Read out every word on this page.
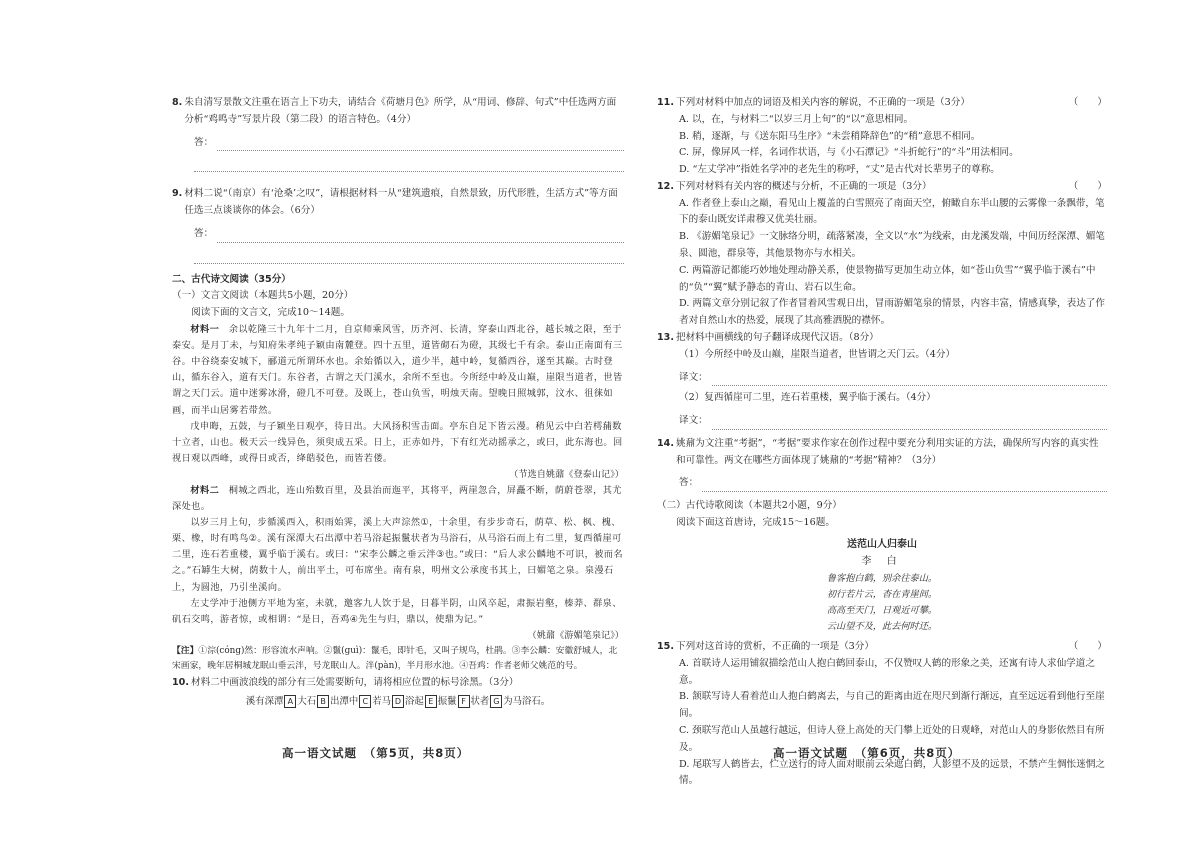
8. 朱自清写景散文注重在语言上下功夫，请结合《荷塘月色》所学，从“用词、修辞、句式”中任选两方面分析“鸡鸣寺”写景片段（第二段）的语言特色。（4分）
答：
9. 材料二说“（南京）有‘沧桑’之叹”，请根据材料一从“建筑遗痕，自然景致，历代形胜，生活方式”等方面任选三点谈谈你的体会。（6分）
答：
二、古代诗文阅读（35分）

（一）文言文阅读（本题共5小题，20分）

阅读下面的文言文，完成10～14题。

材料一　 余以乾隆三十九年十二月，自京师乘风雪，历齐河、长清，穿泰山西北谷，越长城之限，至于泰安。是月丁未，与知府朱孝纯子颖由南麓登。四十五里，道皆砌石为磴，其级七千有余。泰山正南面有三谷。中谷绕泰安城下，郦道元所谓环水也。余始循以入，道少半，越中岭，复循西谷，遂至其巅。古时登山，循东谷入，道有天门。东谷者，古谓之天门溪水，余所不至也。今所经中岭及山巅，崖限当道者，世皆谓之天门云。道中迷雾冰滑，磴几不可登。及既上，苍山负雪，明烛天南。望晚日照城郭，汶水、徂徕如画，而半山居雾若带然。

戊申晦，五鼓，与子颖坐日观亭，待日出。大风扬积雪击面。亭东自足下皆云漫。稍见云中白若樗蒱数十立者，山也。极天云一线异色，须臾成五采。日上，正赤如丹，下有红光动摇承之，或曰，此东海也。回视日观以西峰，或得日或否，绛皓驳色，而皆若偻。

（节选自姚鼐《登泰山记》）

材料二　 桐城之西北，连山殆数百里，及县治而迤平，其将平，两崖忽合，屏矗不断，荫蔚苍翠，其尤深处也。

以岁三月上旬，步循溪西入，积雨始霁，溪上大声淙然①，十余里，有步步奇石，荫草、松、枫、槐、栗、橡，时有鸣鸟②。溪有深潭大石出潭中若马浴起振鬣状者为马浴石，从马浴石而上有二里，复西循崖可二里，连石若重楼，翼乎临于溪右。或曰：“宋李公麟之垂云泮③也。”或曰：“后人求公麟地不可识，被而名之。”石罅生大树，荫数十人，前出平土，可布席坐。南有泉，明州文公承度书其上，曰媚笔之泉。泉漫石上，为圆池，乃引坐溪向。

左丈学冲于池侧方平地为室，未就，邀客九人饮于是，日暮半阴，山风卒起，肃振岩壑，榛莽、群泉、矶石交鸣，游者惊，或相谓：“是日，吾鸡④先生与归，鼎以，使鼎为记。”

（姚鼐《游媚笔泉记》）

【注】①淙(cóng)然：形容流水声响。②鬣(guì)：鬣毛，即针毛，又叫子规鸟，杜鹃。③李公麟：安徽舒城人，北宋画家，晚年居桐城龙眠山垂云泮，号龙眠山人。泮(pàn)，半月形水池。④吾鸡：作者老师父姚范的号。

10. 材料二中画波浪线的部分有三处需要断句，请将相应位置的标号涂黑。（3分）
溪有深潭 A 大石 B 出潭中 C 若马 D 浴起 E 振鬣 F 状者 G 为马浴石。
高一语文试题　（第5页，共8页）
11. 下列对材料中加点的词语及相关内容的解说，不正确的一项是（3分）	（　　）

A. 以，在，与材料二“以岁三月上旬”的“以”意思相同。

B. 稍，逐渐，与《送东阳马生序》“未尝稍降辞色”的“稍”意思不相同。

C. 屏，像屏风一样，名词作状语，与《小石潭记》“斗折蛇行”的“斗”用法相同。

D. “左丈学冲”指姓名学冲的老先生的称呼，“丈”是古代对长辈男子的尊称。

12. 下列对材料有关内容的概述与分析，不正确的一项是（3分）	（　　）

A. 作者登上泰山之巅，看见山上覆盖的白雪照亮了南面天空，俯瞰自东半山腰的云雾像一条飘带，笔下的泰山既安详肃穆又优美壮丽。

B. 《游媚笔泉记》一文脉络分明，疏落紧凑，全文以“水”为线索，由龙溪发端，中间历经深潭、媚笔泉、圆池，群泉等，其他景物亦与水相关。

C. 两篇游记都能巧妙地处理动静关系，使景物描写更加生动立体，如“苍山负雪”“翼乎临于溪右”中的“负”“翼”赋予静态的青山、岩石以生命。

D. 两篇文章分别记叙了作者冒着风雪观日出，冒雨游媚笔泉的情景，内容丰富，情感真挚，表达了作者对自然山水的热爱，展现了其高雅洒脱的襟怀。

13. 把材料中画横线的句子翻译成现代汉语。（8分）

（1）今所经中岭及山巅，崖限当道者，世皆谓之天门云。（4分）

译文：

（2）复西循崖可二里，连石若重楼，翼乎临于溪右。（4分）

译文：
14. 姚鼐为文注重“考据”，“考据”要求作家在创作过程中要充分利用实证的方法，确保所写内容的真实性和可靠性。两文在哪些方面体现了姚鼐的“考据”精神？（3分）
答：

（二）古代诗歌阅读（本题共2小题，9分）

阅读下面这首唐诗，完成15～16题。

送范山人归泰山

李 白

鲁客抱白鹤，别余往泰山。

初行若片云，杳在青崖间。

高高至天门，日观近可攀。

云山望不及，此去何时还。

15. 下列对这首诗的赏析，不正确的一项是（3分）	（　　）

A. 首联诗人运用铺叙描绘范山人抱白鹤回泰山，不仅赞叹人鹤的形象之美，还寓有诗人求仙学道之意。

B. 颔联写诗人看着范山人抱白鹤离去，与自己的距离由近在咫尺到渐行渐远，直至远远看到他行至崖间。

C. 颈联写范山人虽越行越远，但诗人登上高处的天门攀上近处的日观峰，对范山人的身影依然目有所及。

D. 尾联写人鹤皆去，伫立送行的诗人面对眼前云朵遮白鹤，人影望不及的远景，不禁产生惆怅迷惘之情。

高一语文试题　（第6页，共8页）
